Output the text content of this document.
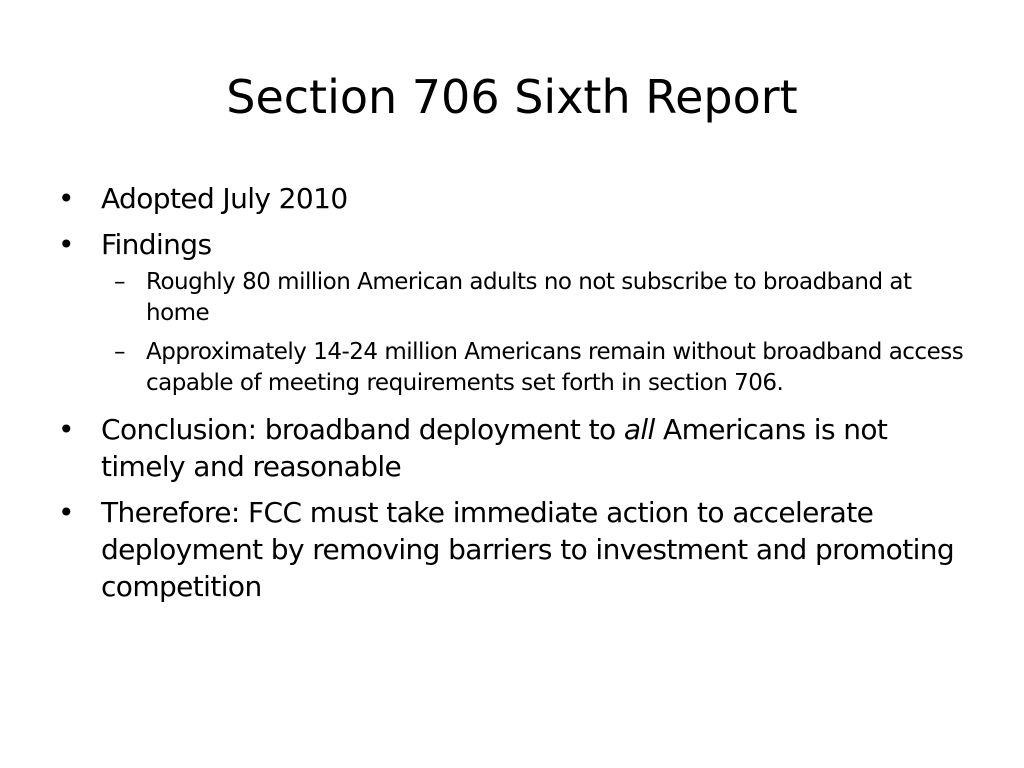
Section 706 Sixth Report
• Adopted July 2010
• Findings
– Roughly 80 million American adults no not subscribe to broadband at home
– Approximately 14-24 million Americans remain without broadband access capable of meeting requirements set forth in section 706.
• Conclusion: broadband deployment to all Americans is not timely and reasonable
• Therefore: FCC must take immediate action to accelerate deployment by removing barriers to investment and promoting competition
